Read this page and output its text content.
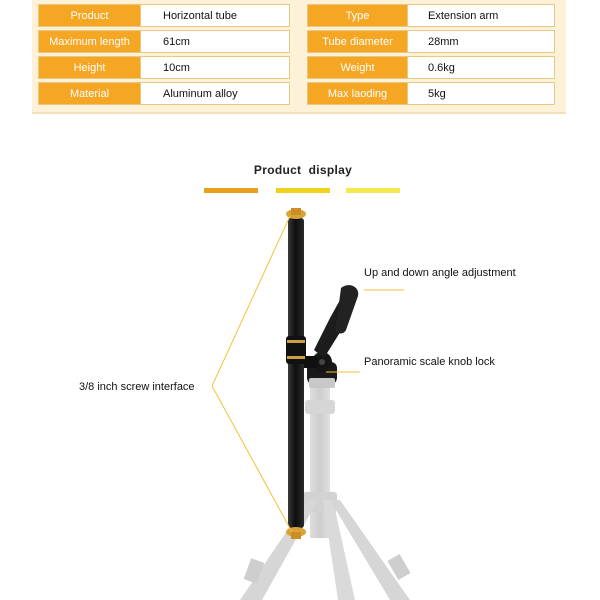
Product	Horizontal tube
Maximum length	61cm
Height	10cm
Material	Aluminum alloy
Type	Extension arm
Tube diameter	28mm
Weight	0.6kg
Max laoding	5kg
Product  display
Up and down angle adjustment
Panoramic scale knob lock
3/8 inch screw interface
